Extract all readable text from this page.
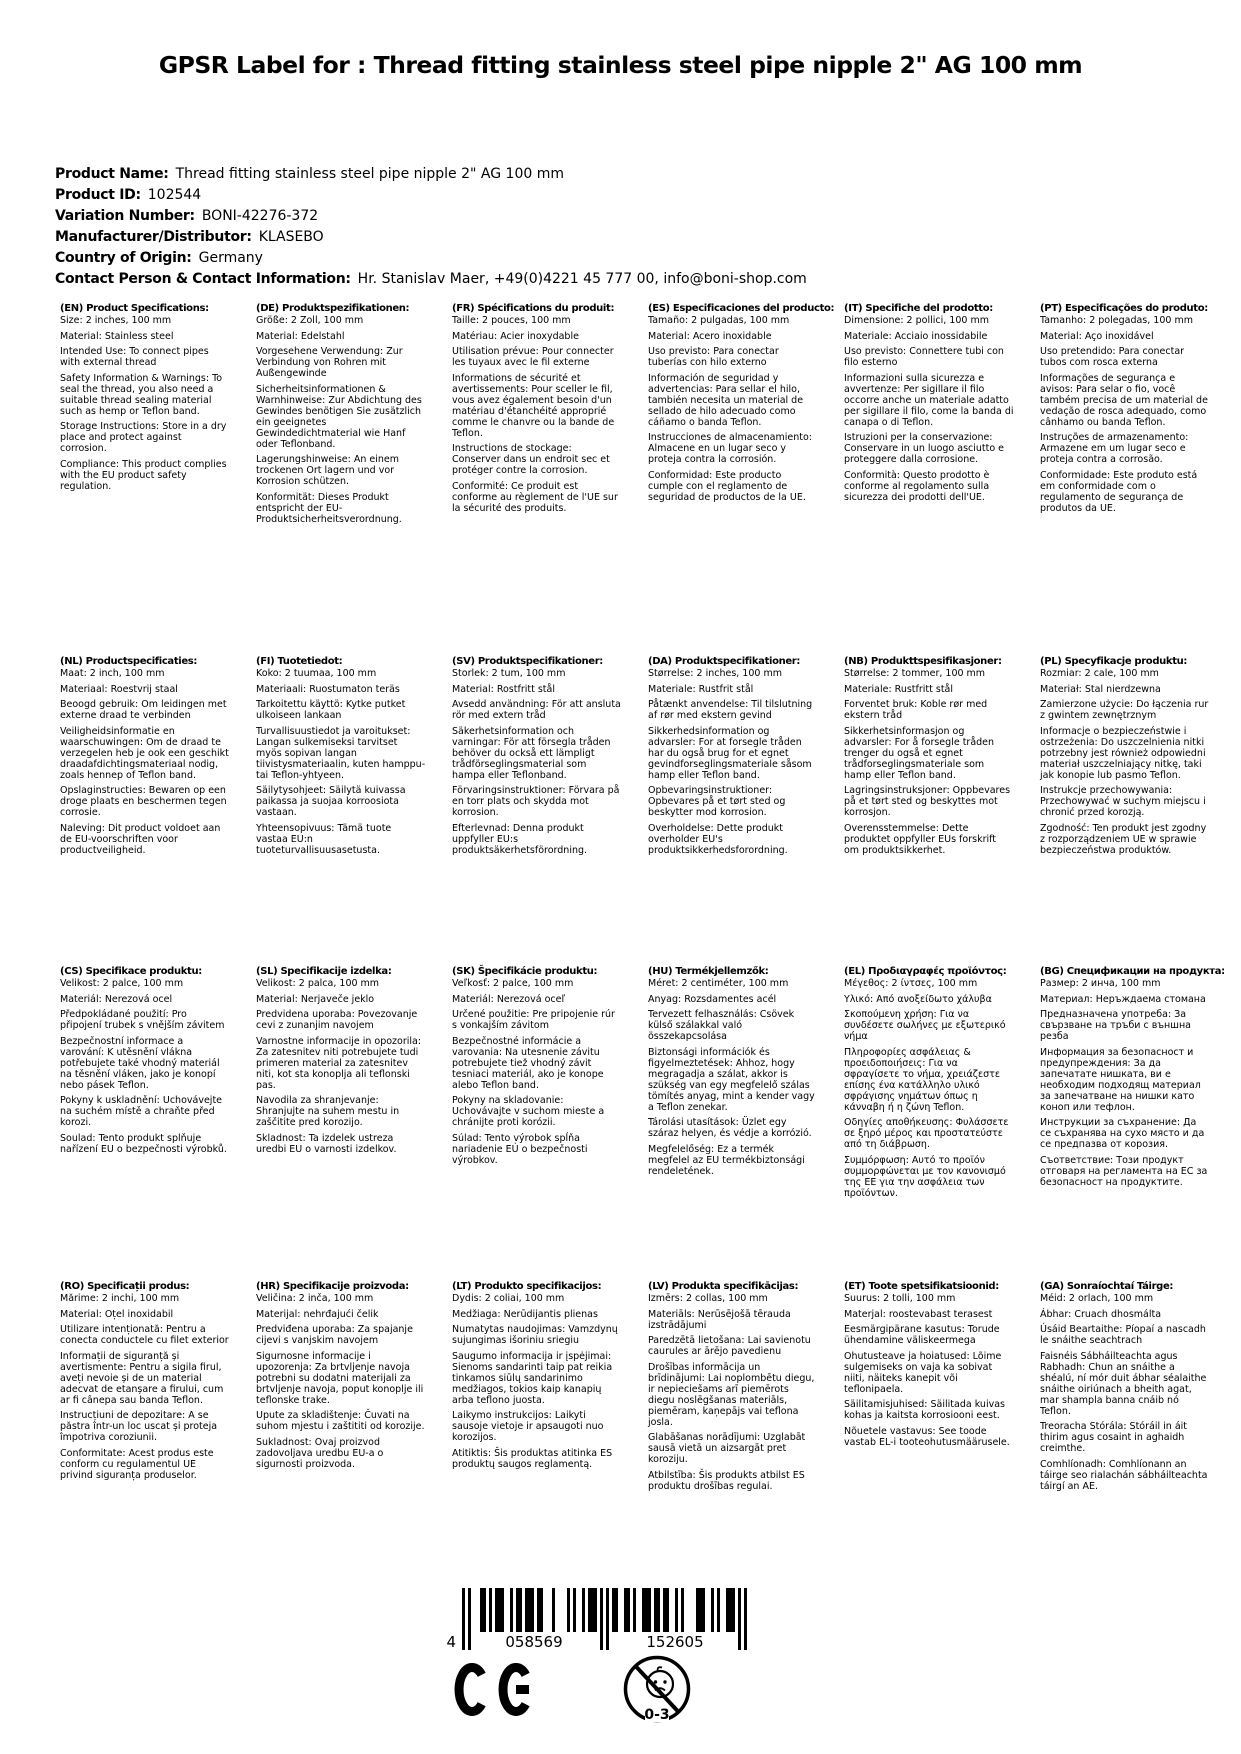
GPSR Label for : Thread fitting stainless steel pipe nipple 2" AG 100 mm
Product Name: Thread fitting stainless steel pipe nipple 2" AG 100 mm
Product ID: 102544
Variation Number: BONI-42276-372
Manufacturer/Distributor: KLASEBO
Country of Origin: Germany
Contact Person & Contact Information: Hr. Stanislav Maer, +49(0)4221 45 777 00, info@boni-shop.com
(EN) Product Specifications:

Size: 2 inches, 100 mm

Material: Stainless steel

Intended Use: To connect pipes with external thread

Safety Information & Warnings: To seal the thread, you also need a suitable thread sealing material such as hemp or Teflon band.

Storage Instructions: Store in a dry place and protect against corrosion.

Compliance: This product complies with the EU product safety regulation.

(DE) Produktspezifikationen:

Größe: 2 Zoll, 100 mm

Material: Edelstahl

Vorgesehene Verwendung: Zur Verbindung von Rohren mit Außengewinde

Sicherheitsinformationen & Warnhinweise: Zur Abdichtung des Gewindes benötigen Sie zusätzlich ein geeignetes Gewindedichtmaterial wie Hanf oder Teflonband.

Lagerungshinweise: An einem trockenen Ort lagern und vor Korrosion schützen.

Konformität: Dieses Produkt entspricht der EU-Produktsicherheitsverordnung.

(FR) Spécifications du produit:

Taille: 2 pouces, 100 mm

Matériau: Acier inoxydable

Utilisation prévue: Pour connecter les tuyaux avec le fil externe

Informations de sécurité et avertissements: Pour sceller le fil, vous avez également besoin d'un matériau d'étanchéité approprié comme le chanvre ou la bande de Teflon.

Instructions de stockage: Conserver dans un endroit sec et protéger contre la corrosion.

Conformité: Ce produit est conforme au règlement de l'UE sur la sécurité des produits.

(ES) Especificaciones del producto:

Tamaño: 2 pulgadas, 100 mm

Material: Acero inoxidable

Uso previsto: Para conectar tuberías con hilo externo

Información de seguridad y advertencias: Para sellar el hilo, también necesita un material de sellado de hilo adecuado como cáñamo o banda Teflon.

Instrucciones de almacenamiento: Almacene en un lugar seco y proteja contra la corrosión.

Conformidad: Este producto cumple con el reglamento de seguridad de productos de la UE.

(IT) Specifiche del prodotto:

Dimensione: 2 pollici, 100 mm

Materiale: Acciaio inossidabile

Uso previsto: Connettere tubi con filo esterno

Informazioni sulla sicurezza e avvertenze: Per sigillare il filo occorre anche un materiale adatto per sigillare il filo, come la banda di canapa o di Teflon.

Istruzioni per la conservazione: Conservare in un luogo asciutto e proteggere dalla corrosione.

Conformità: Questo prodotto è conforme al regolamento sulla sicurezza dei prodotti dell'UE.

(PT) Especificações do produto:

Tamanho: 2 polegadas, 100 mm

Material: Aço inoxidável

Uso pretendido: Para conectar tubos com rosca externa

Informações de segurança e avisos: Para selar o fio, você também precisa de um material de vedação de rosca adequado, como cânhamo ou banda Teflon.

Instruções de armazenamento: Armazene em um lugar seco e proteja contra a corrosão.

Conformidade: Este produto está em conformidade com o regulamento de segurança de produtos da UE.

(NL) Productspecificaties:

Maat: 2 inch, 100 mm

Materiaal: Roestvrij staal

Beoogd gebruik: Om leidingen met externe draad te verbinden

Veiligheidsinformatie en waarschuwingen: Om de draad te verzegelen heb je ook een geschikt draadafdichtingsmateriaal nodig, zoals hennep of Teflon band.

Opslaginstructies: Bewaren op een droge plaats en beschermen tegen corrosie.

Naleving: Dit product voldoet aan de EU-voorschriften voor productveiligheid.

(FI) Tuotetiedot:

Koko: 2 tuumaa, 100 mm

Materiaali: Ruostumaton teräs

Tarkoitettu käyttö: Kytke putket ulkoiseen lankaan

Turvallisuustiedot ja varoitukset: Langan sulkemiseksi tarvitset myös sopivan langan tiivistysmateriaalin, kuten hamppu- tai Teflon-yhtyeen.

Säilytysohjeet: Säilytä kuivassa paikassa ja suojaa korroosiota vastaan.

Yhteensopivuus: Tämä tuote vastaa EU:n tuoteturvallisuusasetusta.

(SV) Produktspecifikationer:

Storlek: 2 tum, 100 mm

Material: Rostfritt stål

Avsedd användning: För att ansluta rör med extern tråd

Säkerhetsinformation och varningar: För att försegla tråden behöver du också ett lämpligt trådförseglingsmaterial som hampa eller Teflonband.

Förvaringsinstruktioner: Förvara på en torr plats och skydda mot korrosion.

Efterlevnad: Denna produkt uppfyller EU:s produktsäkerhetsförordning.

(DA) Produktspecifikationer:

Størrelse: 2 inches, 100 mm

Materiale: Rustfrit stål

Påtænkt anvendelse: Til tilslutning af rør med ekstern gevind

Sikkerhedsinformation og advarsler: For at forsegle tråden har du også brug for et egnet gevindforseglingsmateriale såsom hamp eller Teflon band.

Opbevaringsinstruktioner: Opbevares på et tørt sted og beskytter mod korrosion.

Overholdelse: Dette produkt overholder EU's produktsikkerhedsforordning.

(NB) Produkttspesifikasjoner:

Størrelse: 2 tommer, 100 mm

Materiale: Rustfritt stål

Forventet bruk: Koble rør med ekstern tråd

Sikkerhetsinformasjon og advarsler: For å forsegle tråden trenger du også et egnet trådforseglingsmateriale som hamp eller Teflon band.

Lagringsinstruksjoner: Oppbevares på et tørt sted og beskyttes mot korrosjon.

Overensstemmelse: Dette produktet oppfyller EUs forskrift om produktsikkerhet.

(PL) Specyfikacje produktu:

Rozmiar: 2 cale, 100 mm

Materiał: Stal nierdzewna

Zamierzone użycie: Do łączenia rur z gwintem zewnętrznym

Informacje o bezpieczeństwie i ostrzeżenia: Do uszczelnienia nitki potrzebny jest również odpowiedni materiał uszczelniający nitkę, taki jak konopie lub pasmo Teflon.

Instrukcje przechowywania: Przechowywać w suchym miejscu i chronić przed korozją.

Zgodność: Ten produkt jest zgodny z rozporządzeniem UE w sprawie bezpieczeństwa produktów.

(CS) Specifikace produktu:

Velikost: 2 palce, 100 mm

Materiál: Nerezová ocel

Předpokládané použití: Pro připojení trubek s vnějším závitem

Bezpečnostní informace a varování: K utěsnění vlákna potřebujete také vhodný materiál na těsnění vláken, jako je konopí nebo pásek Teflon.

Pokyny k uskladnění: Uchovávejte na suchém místě a chraňte před korozi.

Soulad: Tento produkt splňuje nařízení EU o bezpečnosti výrobků.

(SL) Specifikacije izdelka:

Velikost: 2 palca, 100 mm

Material: Nerjaveče jeklo

Predvidena uporaba: Povezovanje cevi z zunanjim navojem

Varnostne informacije in opozorila: Za zatesnitev niti potrebujete tudi primeren material za zatesnitev niti, kot sta konoplja ali teflonski pas.

Navodila za shranjevanje: Shranjujte na suhem mestu in zaščitite pred korozijo.

Skladnost: Ta izdelek ustreza uredbi EU o varnosti izdelkov.

(SK) Špecifikácie produktu:

Veľkosť: 2 palce, 100 mm

Materiál: Nerezová oceľ

Určené použitie: Pre pripojenie rúr s vonkajším závitom

Bezpečnostné informácie a varovania: Na utesnenie závitu potrebujete tiež vhodný závit tesniaci materiál, ako je konope alebo Teflon band.

Pokyny na skladovanie: Uchovávajte v suchom mieste a chránijte proti korózii.

Súlad: Tento výrobok spĺňa nariadenie EÚ o bezpečnosti výrobkov.

(HU) Termékjellemzők:

Méret: 2 centiméter, 100 mm

Anyag: Rozsdamentes acél

Tervezett felhasználás: Csövek külső szálakkal való összekapcsolása

Biztonsági információk és figyelmeztetések: Ahhoz, hogy megragadja a szálat, akkor is szükség van egy megfelelő szálas tömítés anyag, mint a kender vagy a Teflon zenekar.

Tárolási utasítások: Üzlet egy száraz helyen, és védje a korrózió.

Megfelelőség: Ez a termék megfelel az EU termékbiztonsági rendeletének.

(EL) Προδιαγραφές προϊόντος:

Μέγεθος: 2 ίντσες, 100 mm

Υλικό: Από ανοξείδωτο χάλυβα

Σκοπούμενη χρήση: Για να συνδέσετε σωλήνες με εξωτερικό νήμα

Πληροφορίες ασφάλειας & προειδοποιήσεις: Για να σφραγίσετε το νήμα, χρειάζεστε επίσης ένα κατάλληλο υλικό σφράγισης νημάτων όπως η κάνναβη ή η ζώνη Teflon.

Οδηγίες αποθήκευσης: Φυλάσσετε σε ξηρό μέρος και προστατεύστε από τη διάβρωση.

Συμμόρφωση: Αυτό το προϊόν συμμορφώνεται με τον κανονισμό της ΕΕ για την ασφάλεια των προϊόντων.

(BG) Спецификации на продукта:

Размер: 2 инча, 100 mm

Материал: Неръждаема стомана

Предназначена употреба: За свързване на тръби с външна резба

Информация за безопасност и предупреждения: За да запечатате нишката, ви е необходим подходящ материал за запечатване на нишки като коноп или тефлон.

Инструкции за съхранение: Да се съхранява на сухо място и да се предпазва от корозия.

Съответствие: Този продукт отговаря на регламента на ЕС за безопасност на продуктите.

(RO) Specificații produs:

Mărime: 2 inchi, 100 mm

Material: Oțel inoxidabil

Utilizare intenționată: Pentru a conecta conductele cu filet exterior

Informații de siguranță și avertismente: Pentru a sigila firul, aveți nevoie și de un material adecvat de etanșare a firului, cum ar fi cânepa sau banda Teflon.

Instrucțiuni de depozitare: A se păstra într-un loc uscat și proteja împotriva coroziunii.

Conformitate: Acest produs este conform cu regulamentul UE privind siguranța produselor.

(HR) Specifikacije proizvoda:

Veličina: 2 inča, 100 mm

Materijal: nehrđajući čelik

Predviđena uporaba: Za spajanje cijevi s vanjskim navojem

Sigurnosne informacije i upozorenja: Za brtvljenje navoja potrebni su dodatni materijali za brtvljenje navoja, poput konoplje ili teflonske trake.

Upute za skladištenje: Čuvati na suhom mjestu i zaštititi od korozije.

Sukladnost: Ovaj proizvod zadovoljava uredbu EU-a o sigurnosti proizvoda.

(LT) Produkto specifikacijos:

Dydis: 2 coliai, 100 mm

Medžiaga: Nerūdijantis plienas

Numatytas naudojimas: Vamzdynų sujungimas išoriniu sriegiu

Saugumo informacija ir įspėjimai: Sienoms sandarinti taip pat reikia tinkamos siūlų sandarinimo medžiagos, tokios kaip kanapių arba teflono juosta.

Laikymo instrukcijos: Laikyti sausoje vietoje ir apsaugoti nuo korozijos.

Atitiktis: Šis produktas atitinka ES produktų saugos reglamentą.

(LV) Produkta specifikācijas:

Izmērs: 2 collas, 100 mm

Materiāls: Nerūsējošā tērauda izstrādājumi

Paredzētā lietošana: Lai savienotu caurules ar ārējo pavedienu

Drošības informācija un brīdinājumi: Lai noplombētu diegu, ir nepieciešams arī piemērots diegu noslēgšanas materiāls, piemēram, kaņepājs vai teflona josla.

Glabāšanas norādījumi: Uzglabāt sausā vietā un aizsargāt pret koroziju.

Atbilstība: Šis produkts atbilst ES produktu drošības regulai.

(ET) Toote spetsifikatsioonid:

Suurus: 2 tolli, 100 mm

Materjal: roostevabast terasest

Eesmärgipärane kasutus: Torude ühendamine väliskeermega

Ohutusteave ja hoiatused: Lõime sulgemiseks on vaja ka sobivat niiti, näiteks kanepit või teflonipaela.

Säilitamisjuhised: Säilitada kuivas kohas ja kaitsta korrosiooni eest.

Nõuetele vastavus: See toode vastab EL-i tooteohutusmäärusele.

(GA) Sonraíochtaí Táirge:

Méid: 2 orlach, 100 mm

Ábhar: Cruach dhosmálta

Úsáid Beartaithe: Píopaí a nascadh le snáithe seachtrach

Faisnéis Sábháilteachta agus Rabhadh: Chun an snáithe a shéalú, ní mór duit ábhar séalaithe snáithe oiriúnach a bheith agat, mar shampla banna cnáib nó Teflon.

Treoracha Stórála: Stóráil in áit thirim agus cosaint in aghaidh creimthe.

Comhlíonadh: Comhlíonann an táirge seo rialachán sábháilteachta táirgí an AE.

4	058569	152605
0-3
